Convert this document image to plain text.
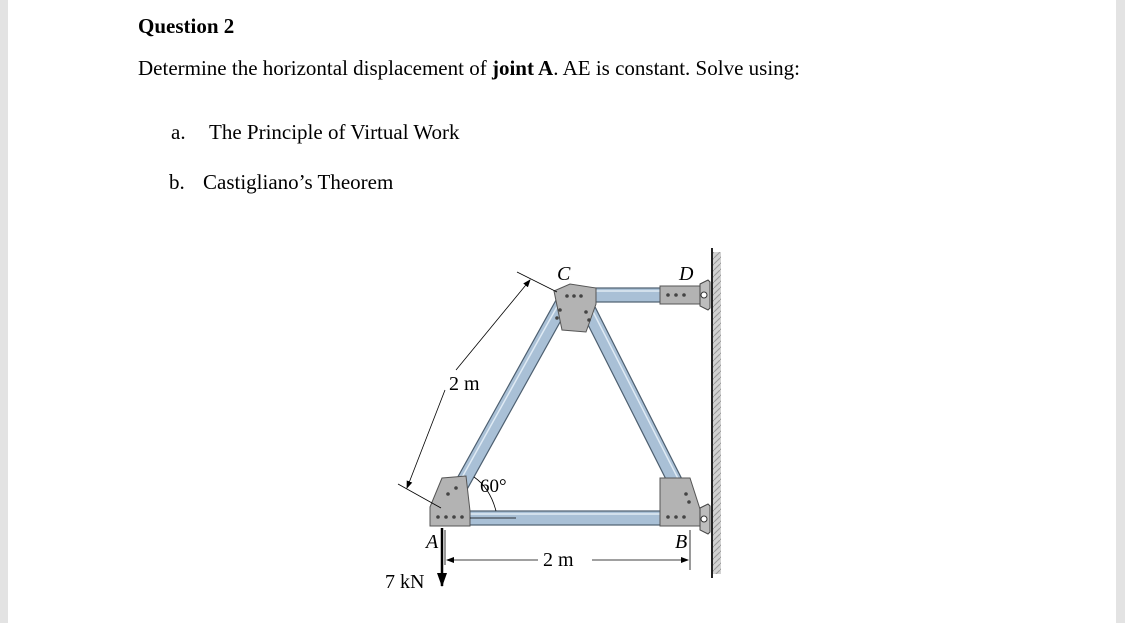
Question 2
Determine the horizontal displacement of joint A. AE is constant. Solve using:
a. The Principle of Virtual Work
b. Castigliano’s Theorem
2 m
60°
2 m
C	D
A	B
7 kN
